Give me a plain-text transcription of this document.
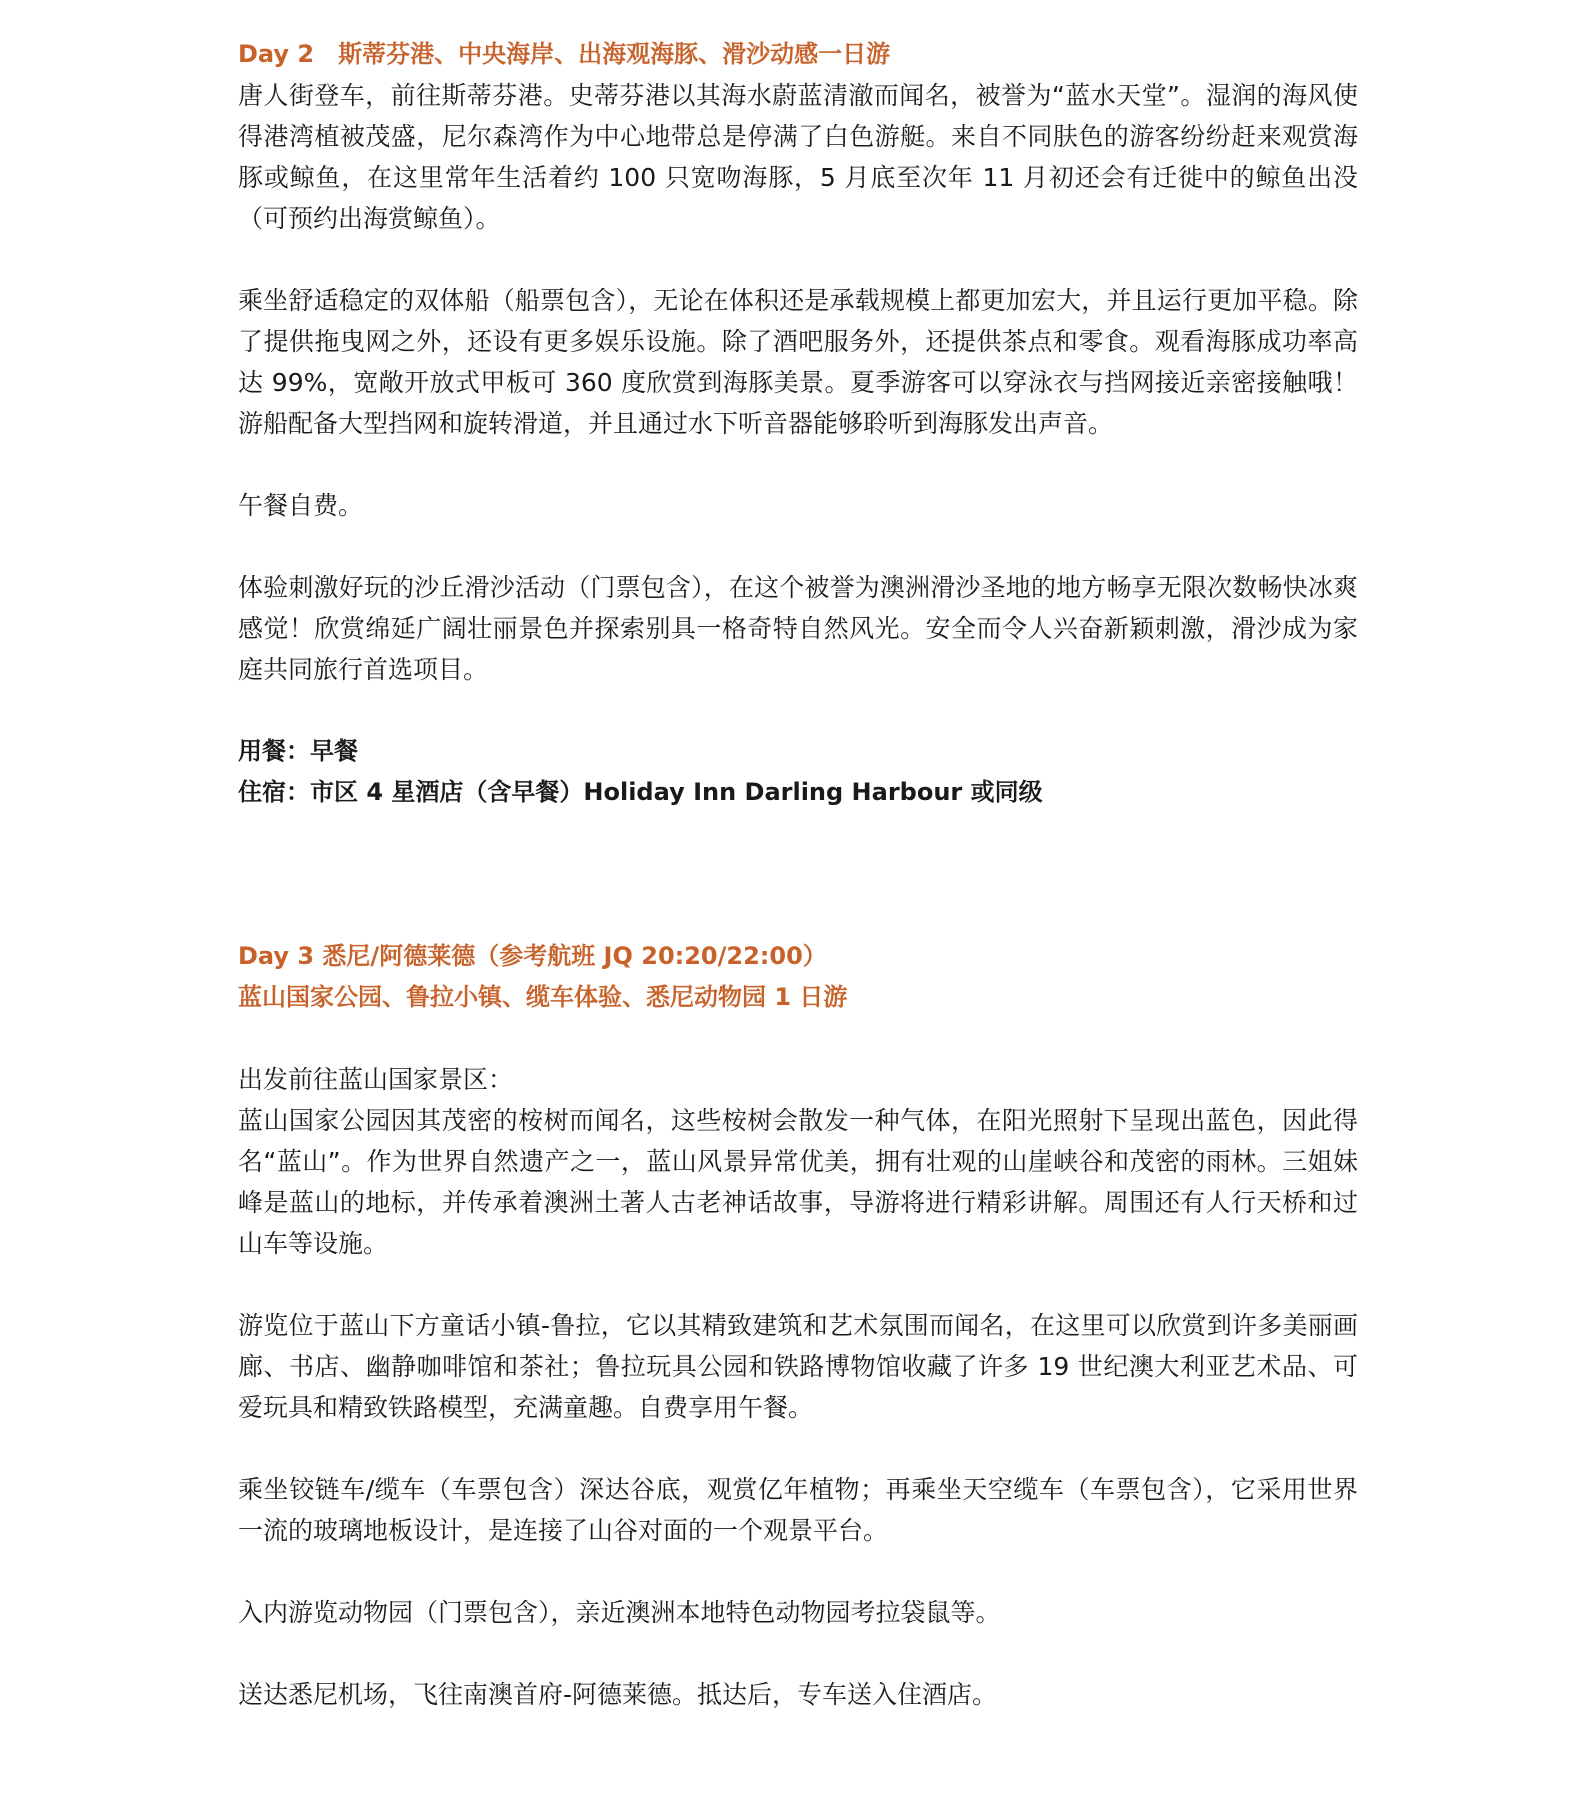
Day 2　斯蒂芬港、中央海岸、出海观海豚、滑沙动感一日游

唐人街登车，前往斯蒂芬港。史蒂芬港以其海水蔚蓝清澈而闻名，被誉为“蓝水天堂”。湿润的海风使得港湾植被茂盛，尼尔森湾作为中心地带总是停满了白色游艇。来自不同肤色的游客纷纷赶来观赏海豚或鲸鱼，在这里常年生活着约 100 只宽吻海豚，5 月底至次年 11 月初还会有迁徙中的鲸鱼出没（可预约出海赏鲸鱼）。

乘坐舒适稳定的双体船（船票包含），无论在体积还是承载规模上都更加宏大，并且运行更加平稳。除了提供拖曳网之外，还设有更多娱乐设施。除了酒吧服务外，还提供茶点和零食。观看海豚成功率高达 99%，宽敞开放式甲板可 360 度欣赏到海豚美景。夏季游客可以穿泳衣与挡网接近亲密接触哦！游船配备大型挡网和旋转滑道，并且通过水下听音器能够聆听到海豚发出声音。

午餐自费。

体验刺激好玩的沙丘滑沙活动（门票包含），在这个被誉为澳洲滑沙圣地的地方畅享无限次数畅快冰爽感觉！欣赏绵延广阔壮丽景色并探索别具一格奇特自然风光。安全而令人兴奋新颖刺激，滑沙成为家庭共同旅行首选项目。

用餐：早餐

住宿：市区 4 星酒店（含早餐）Holiday Inn Darling Harbour 或同级

Day 3 悉尼/阿德莱德（参考航班 JQ 20:20/22:00）
蓝山国家公园、鲁拉小镇、缆车体验、悉尼动物园 1 日游

出发前往蓝山国家景区：

蓝山国家公园因其茂密的桉树而闻名，这些桉树会散发一种气体，在阳光照射下呈现出蓝色，因此得名“蓝山”。作为世界自然遗产之一，蓝山风景异常优美，拥有壮观的山崖峡谷和茂密的雨林。三姐妹峰是蓝山的地标，并传承着澳洲土著人古老神话故事，导游将进行精彩讲解。周围还有人行天桥和过山车等设施。

游览位于蓝山下方童话小镇-鲁拉，它以其精致建筑和艺术氛围而闻名，在这里可以欣赏到许多美丽画廊、书店、幽静咖啡馆和茶社；鲁拉玩具公园和铁路博物馆收藏了许多 19 世纪澳大利亚艺术品、可爱玩具和精致铁路模型，充满童趣。自费享用午餐。

乘坐铰链车/缆车（车票包含）深达谷底，观赏亿年植物；再乘坐天空缆车（车票包含），它采用世界一流的玻璃地板设计，是连接了山谷对面的一个观景平台。

入内游览动物园（门票包含），亲近澳洲本地特色动物园考拉袋鼠等。

送达悉尼机场，飞往南澳首府-阿德莱德。抵达后，专车送入住酒店。
